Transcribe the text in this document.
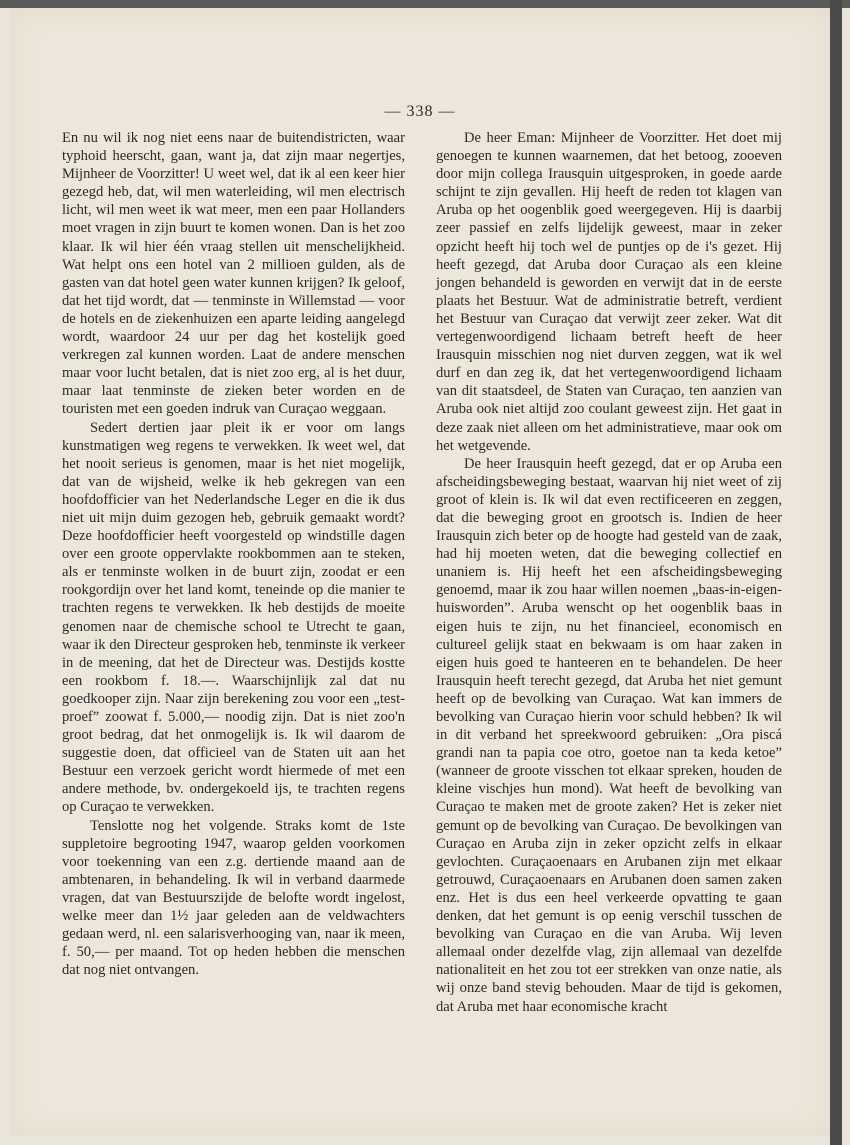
— 338 —

En nu wil ik nog niet eens naar de buitendistricten, waar typhoid heerscht, gaan, want ja, dat zijn maar negertjes, Mijnheer de Voorzitter! U weet wel, dat ik al een keer hier gezegd heb, dat, wil men waterleiding, wil men electrisch licht, wil men weet ik wat meer, men een paar Hollanders moet vragen in zijn buurt te komen wonen. Dan is het zoo klaar. Ik wil hier één vraag stellen uit menschelijkheid. Wat helpt ons een hotel van 2 millioen gulden, als de gasten van dat hotel geen water kunnen krijgen? Ik geloof, dat het tijd wordt, dat — tenminste in Willemstad — voor de hotels en de ziekenhuizen een aparte leiding aangelegd wordt, waardoor 24 uur per dag het kostelijk goed verkregen zal kunnen worden. Laat de andere menschen maar voor lucht betalen, dat is niet zoo erg, al is het duur, maar laat tenminste de zieken beter worden en de touristen met een goeden indruk van Curaçao weggaan.

Sedert dertien jaar pleit ik er voor om langs kunstmatigen weg regens te verwekken. Ik weet wel, dat het nooit serieus is genomen, maar is het niet mogelijk, dat van de wijsheid, welke ik heb gekregen van een hoofdofficier van het Nederlandsche Leger en die ik dus niet uit mijn duim gezogen heb, gebruik gemaakt wordt? Deze hoofdofficier heeft voorgesteld op windstille dagen over een groote oppervlakte rookbommen aan te steken, als er tenminste wolken in de buurt zijn, zoodat er een rookgordijn over het land komt, teneinde op die manier te trachten regens te verwekken. Ik heb destijds de moeite genomen naar de chemische school te Utrecht te gaan, waar ik den Directeur gesproken heb, tenminste ik verkeer in de meening, dat het de Directeur was. Destijds kostte een rookbom f. 18.—. Waarschijnlijk zal dat nu goedkooper zijn. Naar zijn berekening zou voor een „test-proef” zoowat f. 5.000,— noodig zijn. Dat is niet zoo'n groot bedrag, dat het onmogelijk is. Ik wil daarom de suggestie doen, dat officieel van de Staten uit aan het Bestuur een verzoek gericht wordt hiermede of met een andere methode, bv. ondergekoeld ijs, te trachten regens op Curaçao te verwekken.

Tenslotte nog het volgende. Straks komt de 1ste suppletoire begrooting 1947, waarop gelden voorkomen voor toekenning van een z.g. dertiende maand aan de ambtenaren, in behandeling. Ik wil in verband daarmede vragen, dat van Bestuurszijde de belofte wordt ingelost, welke meer dan 1½ jaar geleden aan de veldwachters gedaan werd, nl. een salarisverhooging van, naar ik meen, f. 50,— per maand. Tot op heden hebben die menschen dat nog niet ontvangen.

De heer Eman: Mijnheer de Voorzitter. Het doet mij genoegen te kunnen waarnemen, dat het betoog, zooeven door mijn collega Irausquin uitgesproken, in goede aarde schijnt te zijn gevallen. Hij heeft de reden tot klagen van Aruba op het oogenblik goed weergegeven. Hij is daarbij zeer passief en zelfs lijdelijk geweest, maar in zeker opzicht heeft hij toch wel de puntjes op de i's gezet. Hij heeft gezegd, dat Aruba door Curaçao als een kleine jongen behandeld is geworden en verwijt dat in de eerste plaats het Bestuur. Wat de administratie betreft, verdient het Bestuur van Curaçao dat verwijt zeer zeker. Wat dit vertegenwoordigend lichaam betreft heeft de heer Irausquin misschien nog niet durven zeggen, wat ik wel durf en dan zeg ik, dat het vertegenwoordigend lichaam van dit staatsdeel, de Staten van Curaçao, ten aanzien van Aruba ook niet altijd zoo coulant geweest zijn. Het gaat in deze zaak niet alleen om het administratieve, maar ook om het wetgevende.

De heer Irausquin heeft gezegd, dat er op Aruba een afscheidingsbeweging bestaat, waarvan hij niet weet of zij groot of klein is. Ik wil dat even rectificeeren en zeggen, dat die beweging groot en grootsch is. Indien de heer Irausquin zich beter op de hoogte had gesteld van de zaak, had hij moeten weten, dat die beweging collectief en unaniem is. Hij heeft het een afscheidingsbeweging genoemd, maar ik zou haar willen noemen „baas-in-eigen-huisworden”. Aruba wenscht op het oogenblik baas in eigen huis te zijn, nu het financieel, economisch en cultureel gelijk staat en bekwaam is om haar zaken in eigen huis goed te hanteeren en te behandelen. De heer Irausquin heeft terecht gezegd, dat Aruba het niet gemunt heeft op de bevolking van Curaçao. Wat kan immers de bevolking van Curaçao hierin voor schuld hebben? Ik wil in dit verband het spreekwoord gebruiken: „Ora piscá grandi nan ta papia coe otro, goetoe nan ta keda ketoe” (wanneer de groote visschen tot elkaar spreken, houden de kleine vischjes hun mond). Wat heeft de bevolking van Curaçao te maken met de groote zaken? Het is zeker niet gemunt op de bevolking van Curaçao. De bevolkingen van Curaçao en Aruba zijn in zeker opzicht zelfs in elkaar gevlochten. Curaçaoenaars en Arubanen zijn met elkaar getrouwd, Curaçaoenaars en Arubanen doen samen zaken enz. Het is dus een heel verkeerde opvatting te gaan denken, dat het gemunt is op eenig verschil tusschen de bevolking van Curaçao en die van Aruba. Wij leven allemaal onder dezelfde vlag, zijn allemaal van dezelfde nationaliteit en het zou tot eer strekken van onze natie, als wij onze band stevig behouden. Maar de tijd is gekomen, dat Aruba met haar economische kracht
